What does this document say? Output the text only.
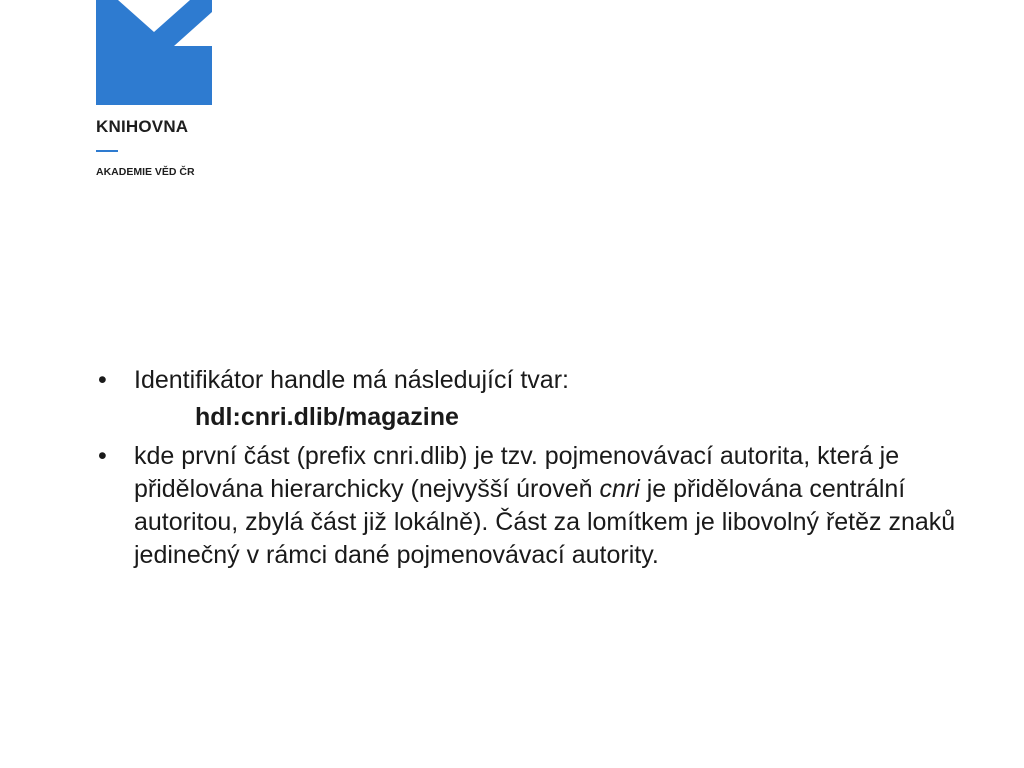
KNIHOVNA
AKADEMIE VĚD ČR
• Identifikátor handle má následující tvar:
hdl:cnri.dlib/magazine
• kde první část (prefix cnri.dlib) je tzv. pojmenovávací autorita, která je přidělována hierarchicky (nejvyšší úroveň cnri je přidělována centrální autoritou, zbylá část již lokálně). Část za lomítkem je libovolný řetěz znaků jedinečný v rámci dané pojmenovávací autority.
